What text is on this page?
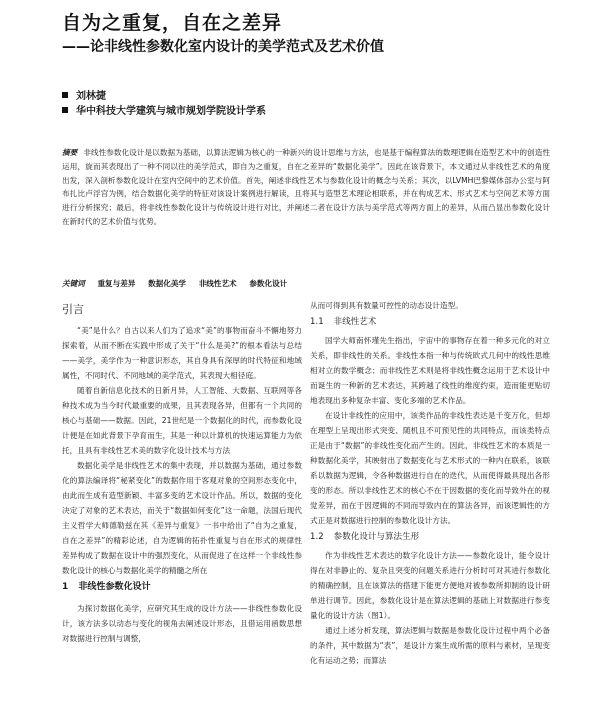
自为之重复，自在之差异
——论非线性参数化室内设计的美学范式及艺术价值
刘林捷
华中科技大学建筑与城市规划学院设计学系

摘要 非线性参数化设计是以数据为基础，以算法逻辑为核心的一种新兴的设计思维与方法，也是基于编程算法的数理逻辑在造型艺术中的创造性运用，旋而其表现出了一种不同以往的美学范式，即自为之重复，自在之差异的“数据化美学”。因此在该背景下，本文通过从非线性艺术的角度出发，深入剖析参数化设计在室内空间中的艺术价值。首先，阐述非线性艺术与参数化设计的概念与关系；其次，以LVMH巴黎媒体部办公室与阿布扎比卢浮宫为例，结合数据化美学的特征对该设计案例进行解读，且将其与造型艺术理论相联系，并在构成艺术、形式艺术与空间艺术等方面进行分析探究；最后，将非线性参数化设计与传统设计进行对比，并阐述二者在设计方法与美学范式等两方面上的差异，从而凸显出参数化设计在新时代的艺术价值与优势。

关键词 重复与差异 数据化美学 非线性艺术 参数化设计

引言

“美”是什么？自古以来人们为了追求“美”的事物而奋斗不懈地努力探索着，从而不断在实践中形成了关于“什么是美?”的根本看法与总结——美学，美学作为一种意识形态，其自身具有深厚的时代特征和地域属性，不同时代、不同地域的美学范式，其表现大相径庭。

随着自新信息化技术的日新月异，人工智能、大数据、互联网等各种技术成为当今时代最重要的成果，且其表现各异，但都有一个共同的核心与基础——数据。因此，21世纪是一个数据化的时代，而参数化设计便是在如此背景下孕育而生，其是一种以计算机的快速运算能力为依托，且具有非线性艺术美的数字化设计技术与方法

数据化美学是非线性艺术的集中表现，并以数据为基础，通过参数化的算法编译将“秘紧变化”的数据作用于客观对象的空间形态变化中，由此而生成有造型新颖、丰富多变的艺术设计作品。所以，数据的变化决定了对象的艺术表达，而关于“数据如何变化”这一命题，法国后现代主义哲学大师德勒兹在其《差异与重复》一书中给出了“自为之重复，自在之差异”的精彩论述，自为逻辑的拓扑性重复与自在形式的规律性差异构成了数据在设计中的强烈变化，从而促进了在这样一个非线性参数化设计的核心与数据化美学的精髓之所在

1 非线性参数化设计

为探讨数据化美学，应研究其生成的设计方法——非线性参数化设计，该方法多以动态与变化的视角去阐述设计形态，且借运用函数思想对数据进行控制与调整，

从而可得到具有数量可控性的动态设计造型。

1.1 非线性艺术

国学大师南怀瑾先生指出，宇宙中的事物存在着一种多元化的对立关系，即非线性的关系。非线性本指一种与传统欧式几何中的线性思维相对立的数学概念；而非线性艺术则是将非线性概念运用于艺术设计中而诞生的一种新的艺术表达，其跨越了线性的维度约束，造而能更贴切地表现出多种复杂丰富、变化多端的艺术作品。

在设计非线性的应用中，该类作品的非线性表达是千变万化，但却在理型上呈现出形式突变、随机且不可预见性的共同特点，而该类特点正是由于“数据”的非线性变化而产生的。因此，非线性艺术的本质是一种数据化美学，其映射出了数据变化与艺术形式的一种内在联系，该联系以数据为逻辑，令各种数据进行自在的迭代，从而使得最具现出各形变的形态。所以非线性艺术的核心不在于因数据的变化而导致外在的视觉差异，而在于因逻辑的不同而导致内在的算法各异，而该逻辑性的方式正是对数据进行控制的参数化设计方法。

1.2 参数化设计与算法生形

作为非线性艺术表达的数字化设计方法——参数化设计，能令设计得在对非静止的、复杂且突变的问题关系进行分析时可对其进行参数化的精确控制，且在该算法的搭建下能更方便地对被参数所抑制的设计研单进行调节。因此，参数化设计是在算法逻辑的基础上对数据进行参变量化的设计方法（图1）。

通过上述分析发现，算法逻辑与数据是参数化设计过程中两个必备的条件，其中数据为“表”，是设计方案生成所需的原料与素材，呈现变化有运动之势；而算法
